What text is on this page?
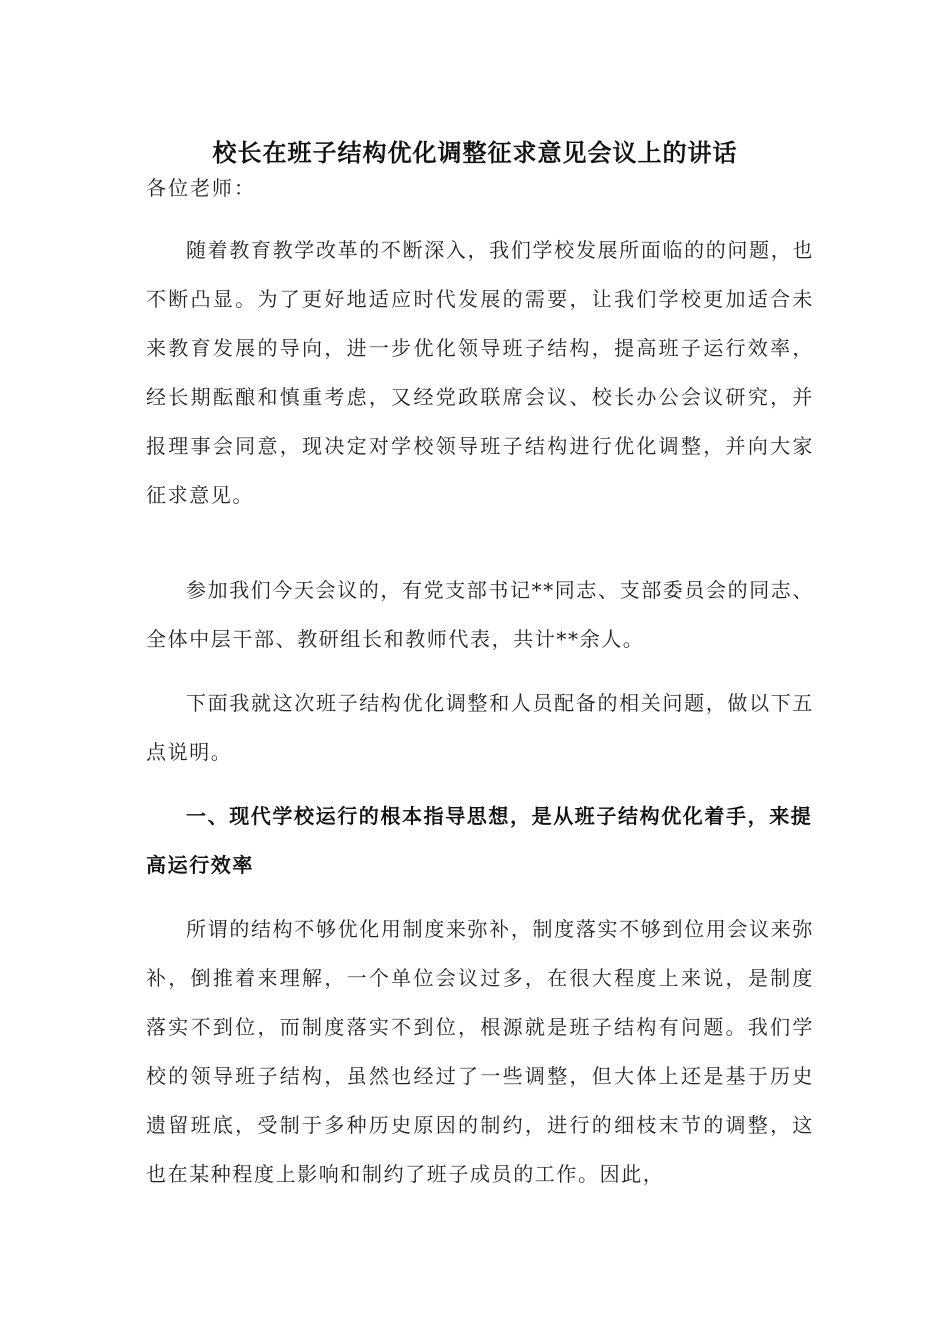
校长在班子结构优化调整征求意见会议上的讲话
各位老师：

随着教育教学改革的不断深入，我们学校发展所面临的的问题，也不断凸显。为了更好地适应时代发展的需要，让我们学校更加适合未来教育发展的导向，进一步优化领导班子结构，提高班子运行效率，经长期酝酿和慎重考虑，又经党政联席会议、校长办公会议研究，并报理事会同意，现决定对学校领导班子结构进行优化调整，并向大家征求意见。

参加我们今天会议的，有党支部书记**同志、支部委员会的同志、全体中层干部、教研组长和教师代表，共计**余人。

下面我就这次班子结构优化调整和人员配备的相关问题，做以下五点说明。

一、现代学校运行的根本指导思想，是从班子结构优化着手，来提高运行效率

所谓的结构不够优化用制度来弥补，制度落实不够到位用会议来弥补，倒推着来理解，一个单位会议过多，在很大程度上来说，是制度落实不到位，而制度落实不到位，根源就是班子结构有问题。我们学校的领导班子结构，虽然也经过了一些调整，但大体上还是基于历史遗留班底，受制于多种历史原因的制约，进行的细枝末节的调整，这也在某种程度上影响和制约了班子成员的工作。因此，
